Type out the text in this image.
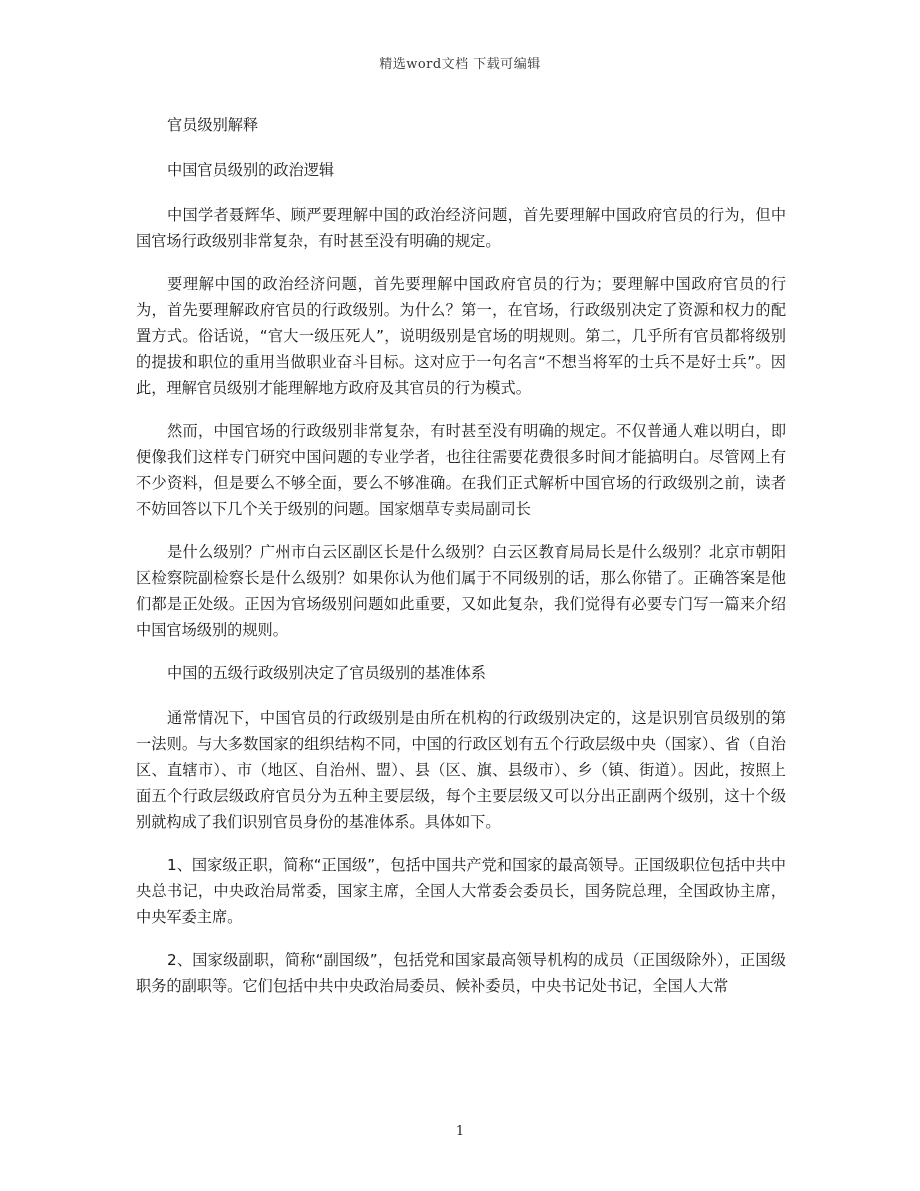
精选word文档 下载可编辑

官员级别解释

中国官员级别的政治逻辑

中国学者聂辉华、顾严要理解中国的政治经济问题，首先要理解中国政府官员的行为，但中国官场行政级别非常复杂，有时甚至没有明确的规定。

要理解中国的政治经济问题，首先要理解中国政府官员的行为；要理解中国政府官员的行为，首先要理解政府官员的行政级别。为什么？第一，在官场，行政级别决定了资源和权力的配置方式。俗话说，“官大一级压死人”，说明级别是官场的明规则。第二，几乎所有官员都将级别的提拔和职位的重用当做职业奋斗目标。这对应于一句名言“不想当将军的士兵不是好士兵”。因此，理解官员级别才能理解地方政府及其官员的行为模式。

然而，中国官场的行政级别非常复杂，有时甚至没有明确的规定。不仅普通人难以明白，即便像我们这样专门研究中国问题的专业学者，也往往需要花费很多时间才能搞明白。尽管网上有不少资料，但是要么不够全面，要么不够准确。在我们正式解析中国官场的行政级别之前，读者不妨回答以下几个关于级别的问题。国家烟草专卖局副司长

是什么级别？广州市白云区副区长是什么级别？白云区教育局局长是什么级别？北京市朝阳区检察院副检察长是什么级别？如果你认为他们属于不同级别的话，那么你错了。正确答案是他们都是正处级。正因为官场级别问题如此重要，又如此复杂，我们觉得有必要专门写一篇来介绍中国官场级别的规则。

中国的五级行政级别决定了官员级别的基准体系

通常情况下，中国官员的行政级别是由所在机构的行政级别决定的，这是识别官员级别的第一法则。与大多数国家的组织结构不同，中国的行政区划有五个行政层级中央（国家）、省（自治区、直辖市）、市（地区、自治州、盟）、县（区、旗、县级市）、乡（镇、街道）。因此，按照上面五个行政层级政府官员分为五种主要层级，每个主要层级又可以分出正副两个级别，这十个级别就构成了我们识别官员身份的基准体系。具体如下。

1、国家级正职，简称“正国级”，包括中国共产党和国家的最高领导。正国级职位包括中共中央总书记，中央政治局常委，国家主席，全国人大常委会委员长，国务院总理，全国政协主席，中央军委主席。

2、国家级副职，简称“副国级”，包括党和国家最高领导机构的成员（正国级除外），正国级职务的副职等。它们包括中共中央政治局委员、候补委员，中央书记处书记，全国人大常

1
